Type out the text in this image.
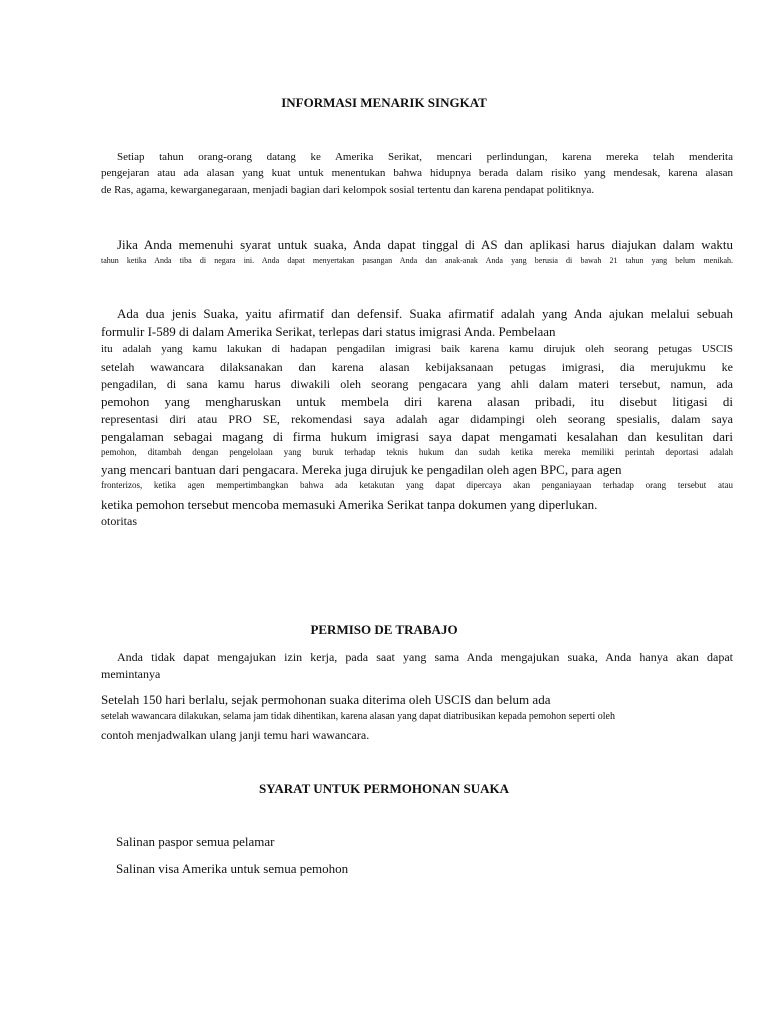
INFORMASI MENARIK SINGKAT

Setiap tahun orang-orang datang ke Amerika Serikat, mencari perlindungan, karena mereka telah menderita

pengejaran atau ada alasan yang kuat untuk menentukan bahwa hidupnya berada dalam risiko yang mendesak, karena alasan

de Ras, agama, kewarganegaraan, menjadi bagian dari kelompok sosial tertentu dan karena pendapat politiknya.

Jika Anda memenuhi syarat untuk suaka, Anda dapat tinggal di AS dan aplikasi harus diajukan dalam waktu

tahun ketika Anda tiba di negara ini. Anda dapat menyertakan pasangan Anda dan anak-anak Anda yang berusia di bawah 21 tahun yang belum menikah.

Ada dua jenis Suaka, yaitu afirmatif dan defensif. Suaka afirmatif adalah yang Anda ajukan melalui sebuah

formulir I-589 di dalam Amerika Serikat, terlepas dari status imigrasi Anda. Pembelaan

itu adalah yang kamu lakukan di hadapan pengadilan imigrasi baik karena kamu dirujuk oleh seorang petugas USCIS

setelah wawancara dilaksanakan dan karena alasan kebijaksanaan petugas imigrasi, dia merujukmu ke

pengadilan, di sana kamu harus diwakili oleh seorang pengacara yang ahli dalam materi tersebut, namun, ada

pemohon yang mengharuskan untuk membela diri karena alasan pribadi, itu disebut litigasi di

representasi diri atau PRO SE, rekomendasi saya adalah agar didampingi oleh seorang spesialis, dalam saya

pengalaman sebagai magang di firma hukum imigrasi saya dapat mengamati kesalahan dan kesulitan dari

pemohon, ditambah dengan pengelolaan yang buruk terhadap teknis hukum dan sudah ketika mereka memiliki perintah deportasi adalah

yang mencari bantuan dari pengacara. Mereka juga dirujuk ke pengadilan oleh agen BPC, para agen

fronterizos, ketika agen mempertimbangkan bahwa ada ketakutan yang dapat dipercaya akan penganiayaan terhadap orang tersebut atau

ketika pemohon tersebut mencoba memasuki Amerika Serikat tanpa dokumen yang diperlukan.

otoritas

PERMISO DE TRABAJO

Anda tidak dapat mengajukan izin kerja, pada saat yang sama Anda mengajukan suaka, Anda hanya akan dapat

memintanya

Setelah 150 hari berlalu, sejak permohonan suaka diterima oleh USCIS dan belum ada

setelah wawancara dilakukan, selama jam tidak dihentikan, karena alasan yang dapat diatribusikan kepada pemohon seperti oleh

contoh menjadwalkan ulang janji temu hari wawancara.

SYARAT UNTUK PERMOHONAN SUAKA

Salinan paspor semua pelamar

Salinan visa Amerika untuk semua pemohon
